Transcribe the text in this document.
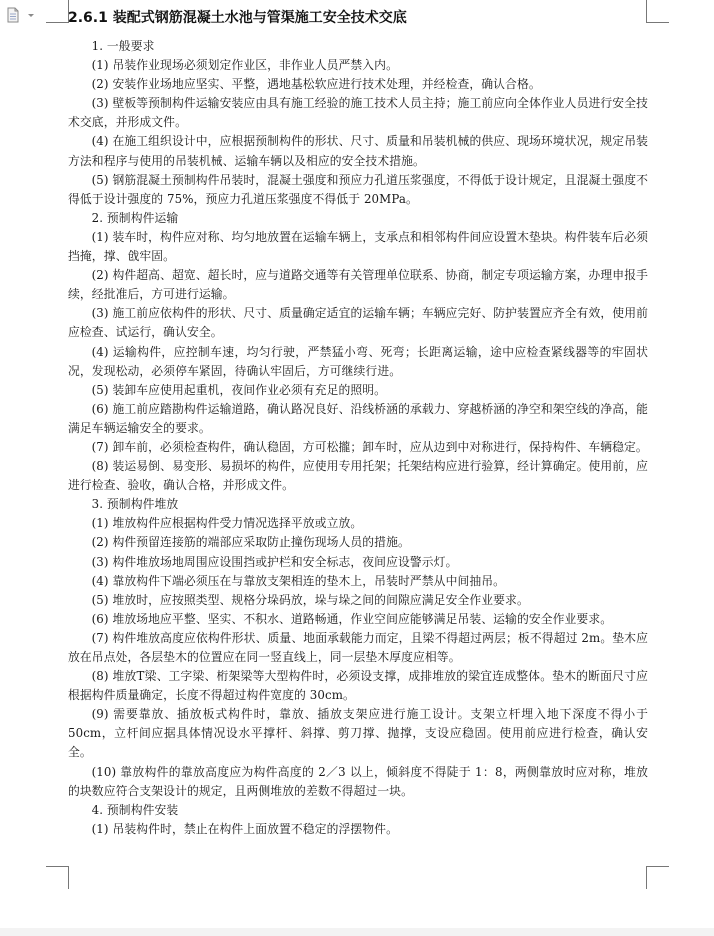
2.6.1 装配式钢筋混凝土水池与管渠施工安全技术交底

1. 一般要求

(1) 吊装作业现场必须划定作业区，非作业人员严禁入内。

(2) 安装作业场地应坚实、平整，遇地基松软应进行技术处理，并经检查，确认合格。

(3) 壁板等预制构件运输安装应由具有施工经验的施工技术人员主持；施工前应向全体作业人员进行安全技术交底，并形成文件。

(4) 在施工组织设计中，应根据预制构件的形状、尺寸、质量和吊装机械的供应、现场环境状况，规定吊装方法和程序与使用的吊装机械、运输车辆以及相应的安全技术措施。

(5) 钢筋混凝土预制构件吊装时，混凝土强度和预应力孔道压浆强度，不得低于设计规定，且混凝土强度不得低于设计强度的 75%，预应力孔道压浆强度不得低于 20MPa。

2. 预制构件运输

(1) 装车时，构件应对称、均匀地放置在运输车辆上，支承点和相邻构件间应设置木垫块。构件装车后必须挡掩，撑、戗牢固。

(2) 构件超高、超宽、超长时，应与道路交通等有关管理单位联系、协商，制定专项运输方案，办理申报手续，经批准后，方可进行运输。

(3) 施工前应依构件的形状、尺寸、质量确定适宜的运输车辆；车辆应完好、防护装置应齐全有效，使用前应检查、试运行，确认安全。

(4) 运输构件，应控制车速，均匀行驶，严禁猛小弯、死弯；长距离运输，途中应检查紧线器等的牢固状况，发现松动，必须停车紧固，待确认牢固后，方可继续行进。

(5) 装卸车应使用起重机，夜间作业必须有充足的照明。

(6) 施工前应踏勘构件运输道路，确认路况良好、沿线桥涵的承载力、穿越桥涵的净空和架空线的净高，能满足车辆运输安全的要求。

(7) 卸车前，必须检查构件，确认稳固，方可松攏；卸车时，应从边到中对称进行，保持构件、车辆稳定。

(8) 装运易倒、易变形、易损坏的构件，应使用专用托架；托架结构应进行验算，经计算确定。使用前，应进行检查、验收，确认合格，并形成文件。

3. 预制构件堆放

(1) 堆放构件应根据构件受力情况选择平放或立放。

(2) 构件预留连接筋的端部应采取防止撞伤现场人员的措施。

(3) 构件堆放场地周围应设围挡或护栏和安全标志，夜间应设警示灯。

(4) 靠放构件下端必须压在与靠放支架相连的垫木上，吊装时严禁从中间抽吊。

(5) 堆放时，应按照类型、规格分垛码放，垛与垛之间的间隙应满足安全作业要求。

(6) 堆放场地应平整、坚实、不积水、道路畅通，作业空间应能够满足吊装、运输的安全作业要求。

(7) 构件堆放高度应依构件形状、质量、地面承载能力而定，且梁不得超过两层；板不得超过 2m。垫木应放在吊点处，各层垫木的位置应在同一竖直线上，同一层垫木厚度应相等。

(8) 堆放T梁、工字梁、桁架梁等大型构件时，必须设支撑，成排堆放的梁宜连成整体。垫木的断面尺寸应根据构件质量确定，长度不得超过构件宽度的 30cm。

(9) 需要靠放、插放板式构件时，靠放、插放支架应进行施工设计。支架立杆埋入地下深度不得小于 50cm，立杆间应据具体情况设水平撑杆、斜撑、剪刀撑、抛撑，支设应稳固。使用前应进行检查，确认安全。

(10) 靠放构件的靠放高度应为构件高度的 2／3 以上，倾斜度不得陡于 1：8，两侧靠放时应对称，堆放的块数应符合支架设计的规定，且两侧堆放的差数不得超过一块。

4. 预制构件安装

(1) 吊装构件时，禁止在构件上面放置不稳定的浮摆物件。
